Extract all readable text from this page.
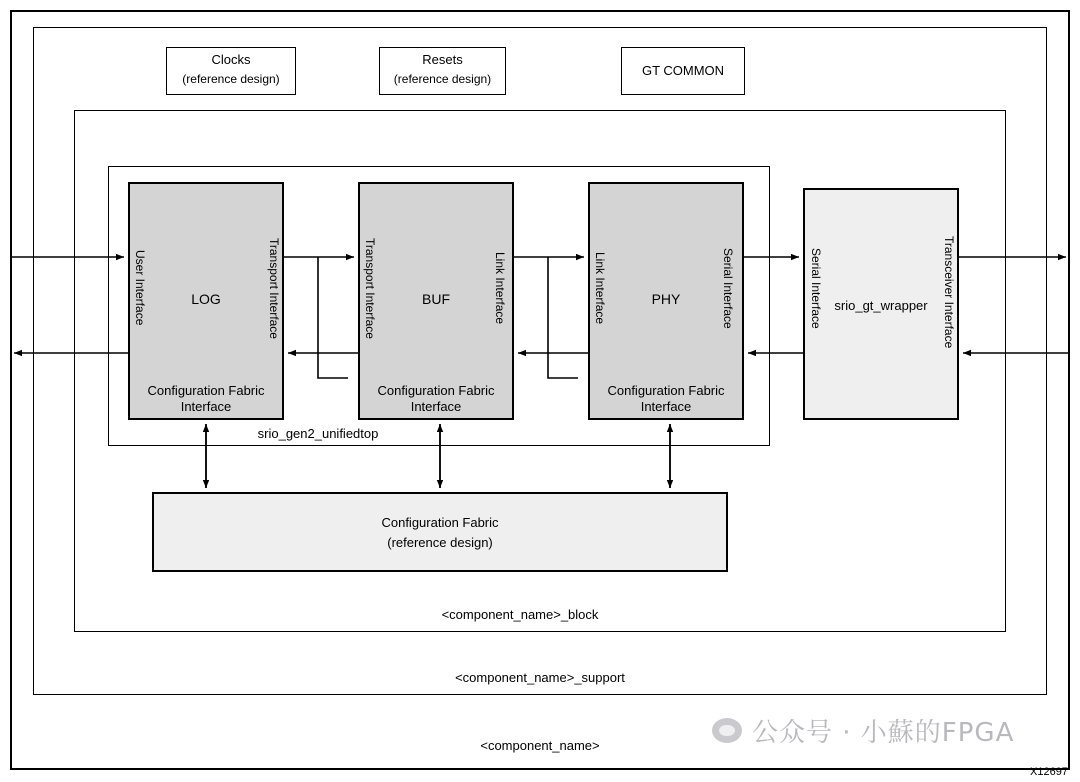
<component_name>
<component_name>_support
<component_name>_block
srio_gen2_unifiedtop
Clocks
(reference design)
Resets
(reference design)
GT COMMON
User Interface	Transport Interface
LOG
Configuration Fabric
Interface
Transport Interface	Link Interface
BUF
Configuration Fabric
Interface
Link Interface	Serial Interface
PHY
Configuration Fabric
Interface
Serial Interface	Transceiver Interface
srio_gt_wrapper
Configuration Fabric
(reference design)
公众号 · 小蘇的FPGA
X12697
